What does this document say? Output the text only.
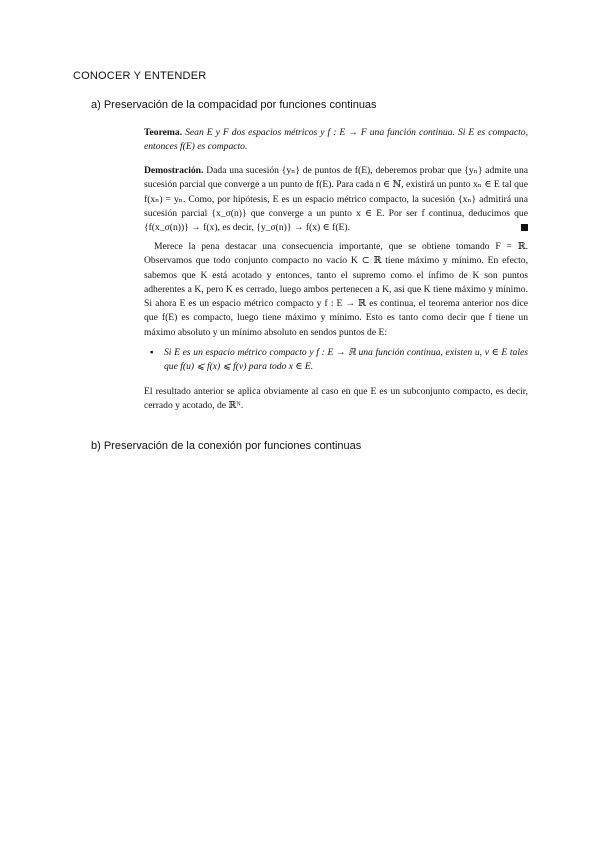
CONOCER Y ENTENDER
a) Preservación de la compacidad por funciones continuas
Teorema. Sean E y F dos espacios métricos y f : E → F una función continua. Si E es compacto, entonces f(E) es compacto.
Demostración. Dada una sucesión {yₙ} de puntos de f(E), deberemos probar que {yₙ} admite una sucesión parcial que converge a un punto de f(E). Para cada n ∈ ℕ, existirá un punto xₙ ∈ E tal que f(xₙ) = yₙ. Como, por hipótesis, E es un espacio métrico compacto, la sucesión {xₙ} admitirá una sucesión parcial {x_σ(n)} que converge a un punto x ∈ E. Por ser f continua, deducimos que {f(x_σ(n))} → f(x), es decir, {y_σ(n)} → f(x) ∈ f(E).
Merece la pena destacar una consecuencia importante, que se obtiene tomando F = ℝ. Observamos que todo conjunto compacto no vacío K ⊂ ℝ tiene máximo y mínimo. En efecto, sabemos que K está acotado y entonces, tanto el supremo como el ínfimo de K son puntos adherentes a K, pero K es cerrado, luego ambos pertenecen a K, así que K tiene máximo y mínimo. Si ahora E es un espacio métrico compacto y f : E → ℝ es continua, el teorema anterior nos dice que f(E) es compacto, luego tiene máximo y mínimo. Esto es tanto como decir que f tiene un máximo absoluto y un mínimo absoluto en sendos puntos de E:
▪	Si E es un espacio métrico compacto y f : E → ℝ una función continua, existen u, v ∈ E tales que f(u) ⩽ f(x) ⩽ f(v) para todo x ∈ E.
El resultado anterior se aplica obviamente al caso en que E es un subconjunto compacto, es decir, cerrado y acotado, de ℝᴺ.
b) Preservación de la conexión por funciones continuas
